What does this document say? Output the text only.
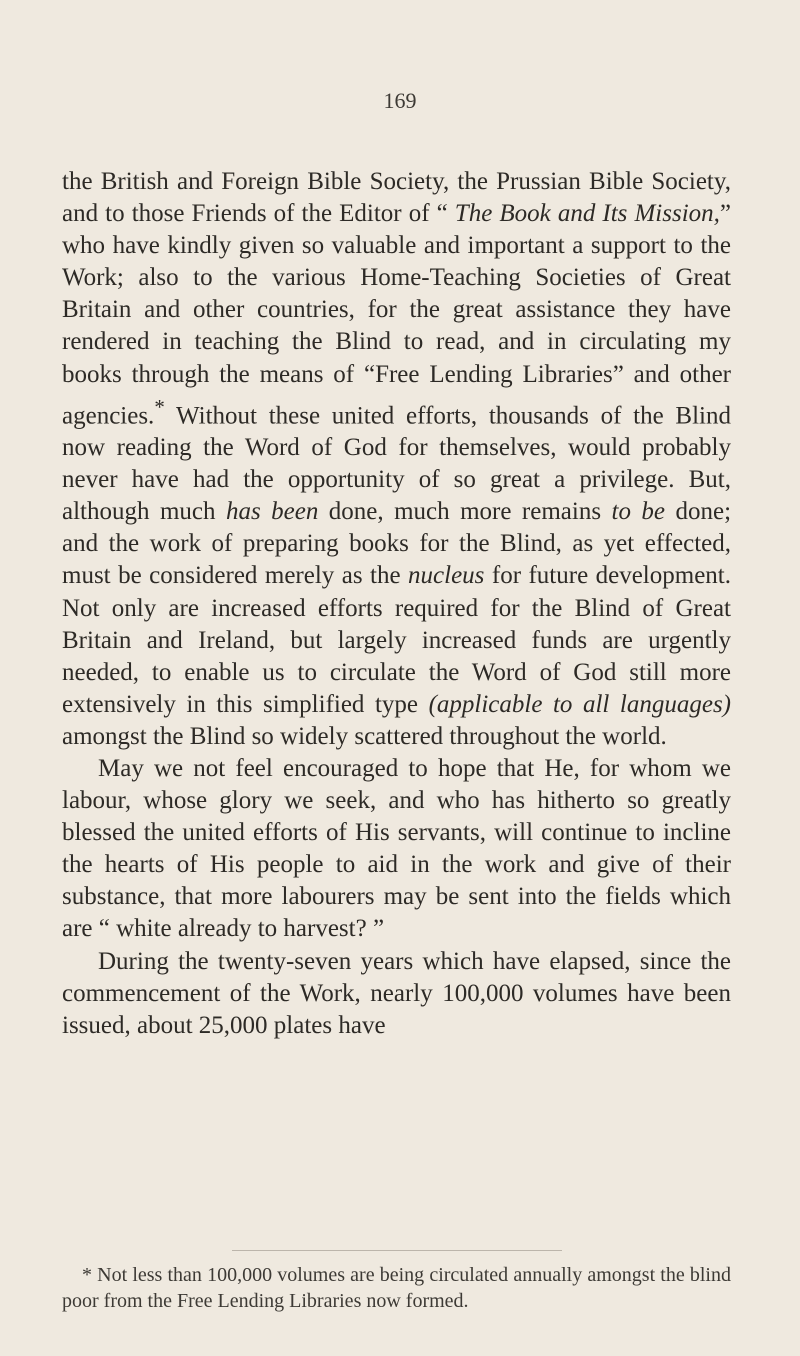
169

the British and Foreign Bible Society, the Prussian Bible Society, and to those Friends of the Editor of “ The Book and Its Mission,” who have kindly given so valuable and important a support to the Work; also to the various Home-Teaching Societies of Great Britain and other countries, for the great assistance they have rendered in teaching the Blind to read, and in circulating my books through the means of “Free Lending Libraries” and other agencies.* Without these united efforts, thousands of the Blind now reading the Word of God for themselves, would probably never have had the opportunity of so great a privilege. But, although much has been done, much more remains to be done; and the work of preparing books for the Blind, as yet effected, must be considered merely as the nucleus for future development. Not only are increased efforts required for the Blind of Great Britain and Ireland, but largely increased funds are urgently needed, to enable us to circulate the Word of God still more extensively in this simplified type (applicable to all languages) amongst the Blind so widely scattered throughout the world.

May we not feel encouraged to hope that He, for whom we labour, whose glory we seek, and who has hitherto so greatly blessed the united efforts of His servants, will continue to incline the hearts of His people to aid in the work and give of their substance, that more labourers may be sent into the fields which are “ white already to harvest? ”

During the twenty-seven years which have elapsed, since the commencement of the Work, nearly 100,000 volumes have been issued, about 25,000 plates have

* Not less than 100,000 volumes are being circulated annually amongst the blind poor from the Free Lending Libraries now formed.
